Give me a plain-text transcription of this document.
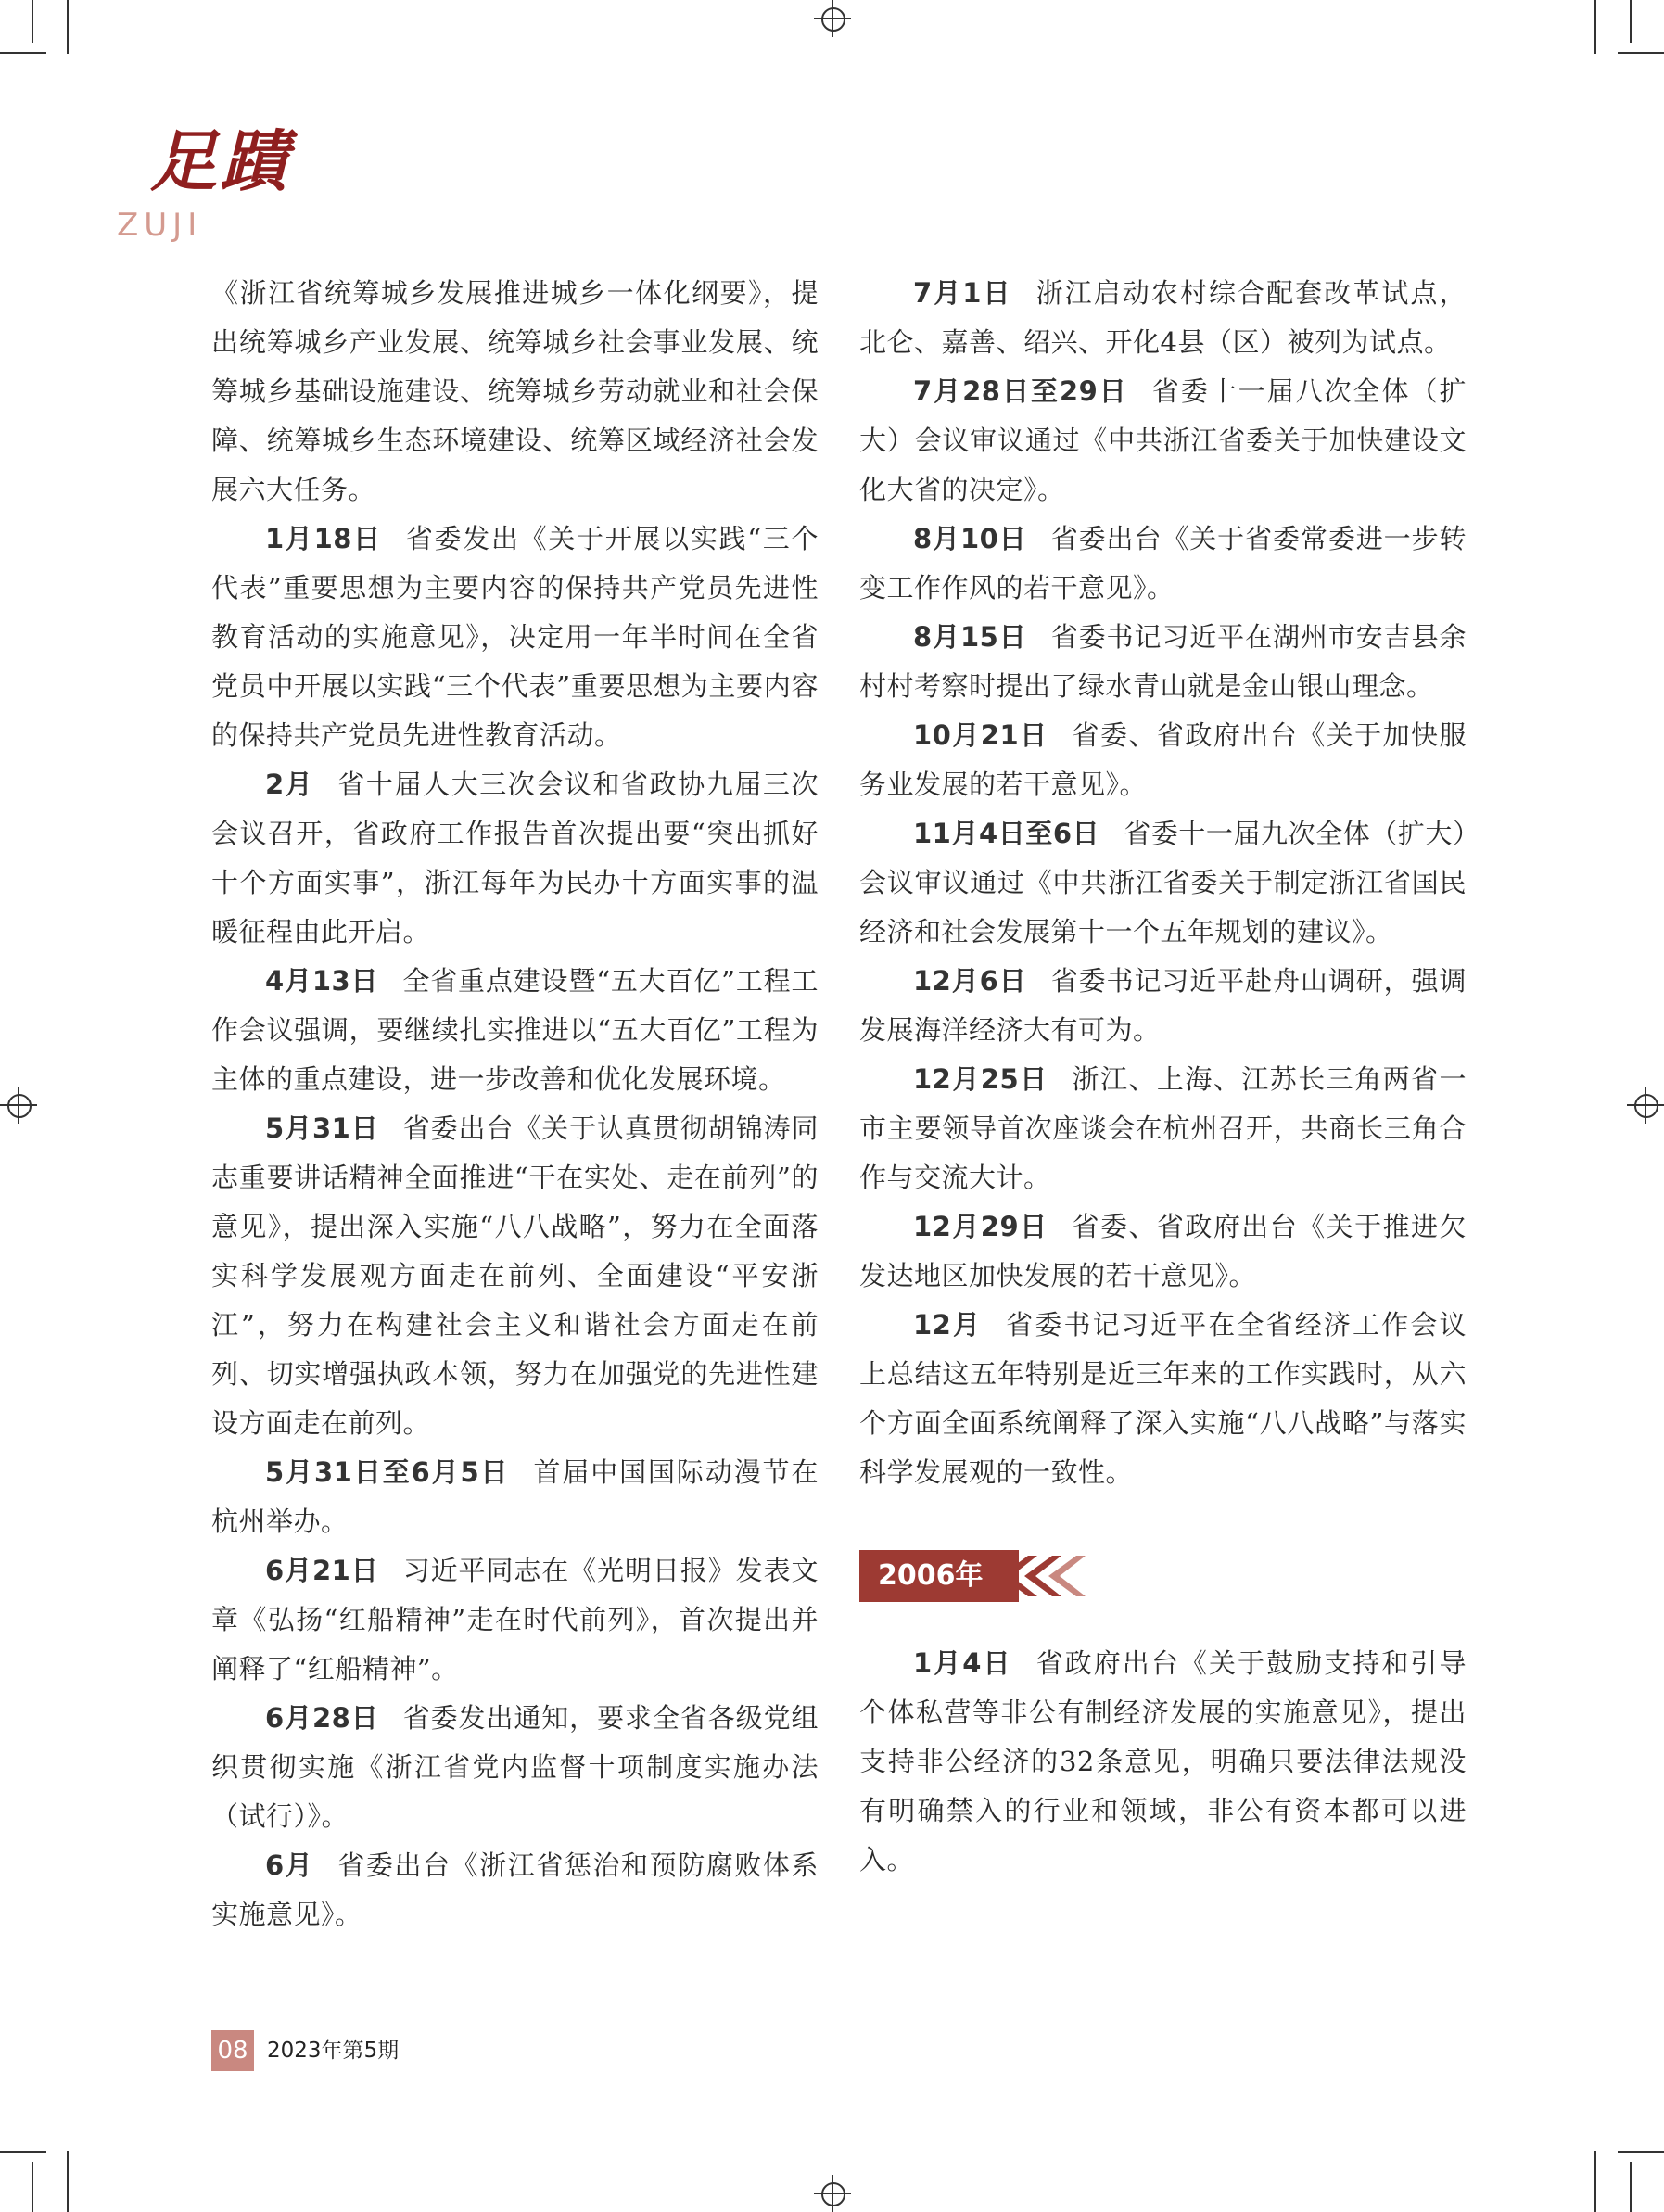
足蹟
ZUJI

《浙江省统筹城乡发展推进城乡一体化纲要》，提出统筹城乡产业发展、统筹城乡社会事业发展、统筹城乡基础设施建设、统筹城乡劳动就业和社会保障、统筹城乡生态环境建设、统筹区域经济社会发展六大任务。

1月18日 省委发出《关于开展以实践“三个代表”重要思想为主要内容的保持共产党员先进性教育活动的实施意见》，决定用一年半时间在全省党员中开展以实践“三个代表”重要思想为主要内容的保持共产党员先进性教育活动。

2月 省十届人大三次会议和省政协九届三次会议召开，省政府工作报告首次提出要“突出抓好十个方面实事”，浙江每年为民办十方面实事的温暖征程由此开启。

4月13日 全省重点建设暨“五大百亿”工程工作会议强调，要继续扎实推进以“五大百亿”工程为主体的重点建设，进一步改善和优化发展环境。

5月31日 省委出台《关于认真贯彻胡锦涛同志重要讲话精神全面推进“干在实处、走在前列”的意见》，提出深入实施“八八战略”，努力在全面落实科学发展观方面走在前列、全面建设“平安浙江”，努力在构建社会主义和谐社会方面走在前列、切实增强执政本领，努力在加强党的先进性建设方面走在前列。

5月31日至6月5日 首届中国国际动漫节在杭州举办。

6月21日 习近平同志在《光明日报》发表文章《弘扬“红船精神”走在时代前列》，首次提出并阐释了“红船精神”。

6月28日 省委发出通知，要求全省各级党组织贯彻实施《浙江省党内监督十项制度实施办法（试行）》。

6月 省委出台《浙江省惩治和预防腐败体系实施意见》。

7月1日 浙江启动农村综合配套改革试点，北仑、嘉善、绍兴、开化4县（区）被列为试点。

7月28日至29日 省委十一届八次全体（扩大）会议审议通过《中共浙江省委关于加快建设文化大省的决定》。

8月10日 省委出台《关于省委常委进一步转变工作作风的若干意见》。

8月15日 省委书记习近平在湖州市安吉县余村村考察时提出了绿水青山就是金山银山理念。

10月21日 省委、省政府出台《关于加快服务业发展的若干意见》。

11月4日至6日 省委十一届九次全体（扩大）会议审议通过《中共浙江省委关于制定浙江省国民经济和社会发展第十一个五年规划的建议》。

12月6日 省委书记习近平赴舟山调研，强调发展海洋经济大有可为。

12月25日 浙江、上海、江苏长三角两省一市主要领导首次座谈会在杭州召开，共商长三角合作与交流大计。

12月29日 省委、省政府出台《关于推进欠发达地区加快发展的若干意见》。

12月 省委书记习近平在全省经济工作会议上总结这五年特别是近三年来的工作实践时，从六个方面全面系统阐释了深入实施“八八战略”与落实科学发展观的一致性。

2006年

1月4日 省政府出台《关于鼓励支持和引导个体私营等非公有制经济发展的实施意见》，提出支持非公经济的32条意见，明确只要法律法规没有明确禁入的行业和领域，非公有资本都可以进入。

08 2023年第5期
